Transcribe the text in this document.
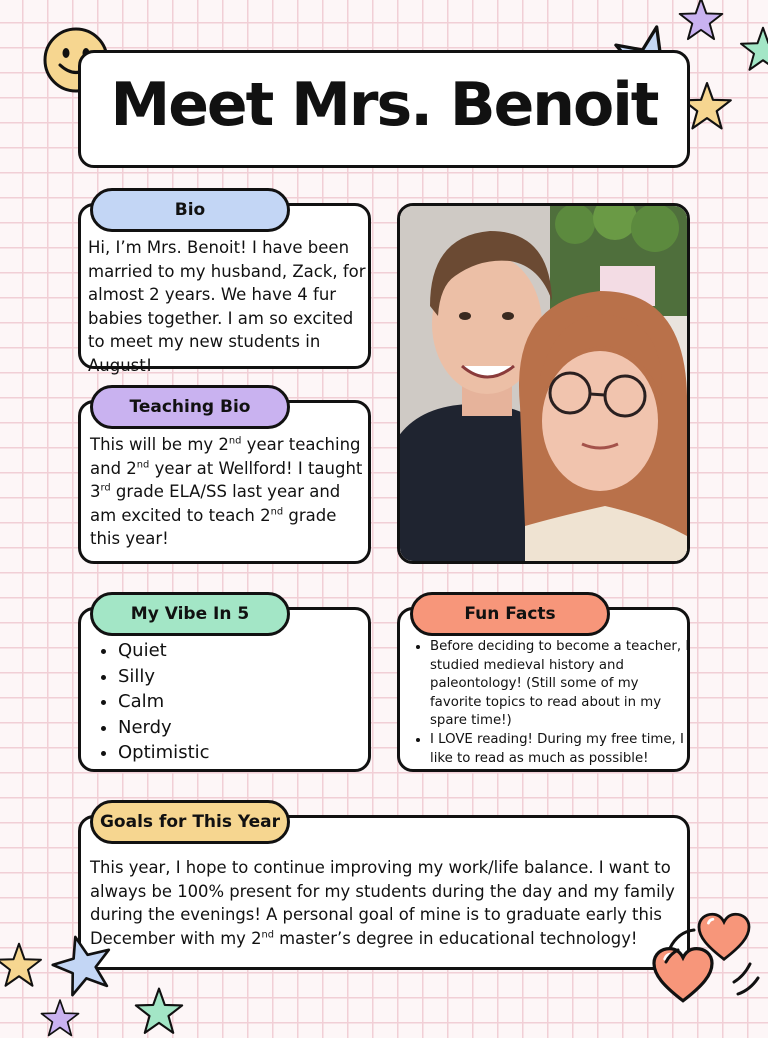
Meet Mrs. Benoit
Bio
Hi, I’m Mrs. Benoit! I have been married to my husband, Zack, for almost 2 years. We have 4 fur babies together. I am so excited to meet my new students in August!
Teaching Bio
This will be my 2nd year teaching
and 2nd year at Wellford! I taught
3rd grade ELA/SS last year and
am excited to teach 2nd grade
this year!
My Vibe In 5
• Quiet
• Silly
• Calm
• Nerdy
• Optimistic
Fun Facts
• Before deciding to become a teacher, I studied medieval history and paleontology! (Still some of my favorite topics to read about in my spare time!)
• I LOVE reading! During my free time, I like to read as much as possible!
Goals for This Year
This year, I hope to continue improving my work/life balance. I want to always be 100% present for my students during the day and my family during the evenings! A personal goal of mine is to graduate early this December with my 2nd master’s degree in educational technology!
